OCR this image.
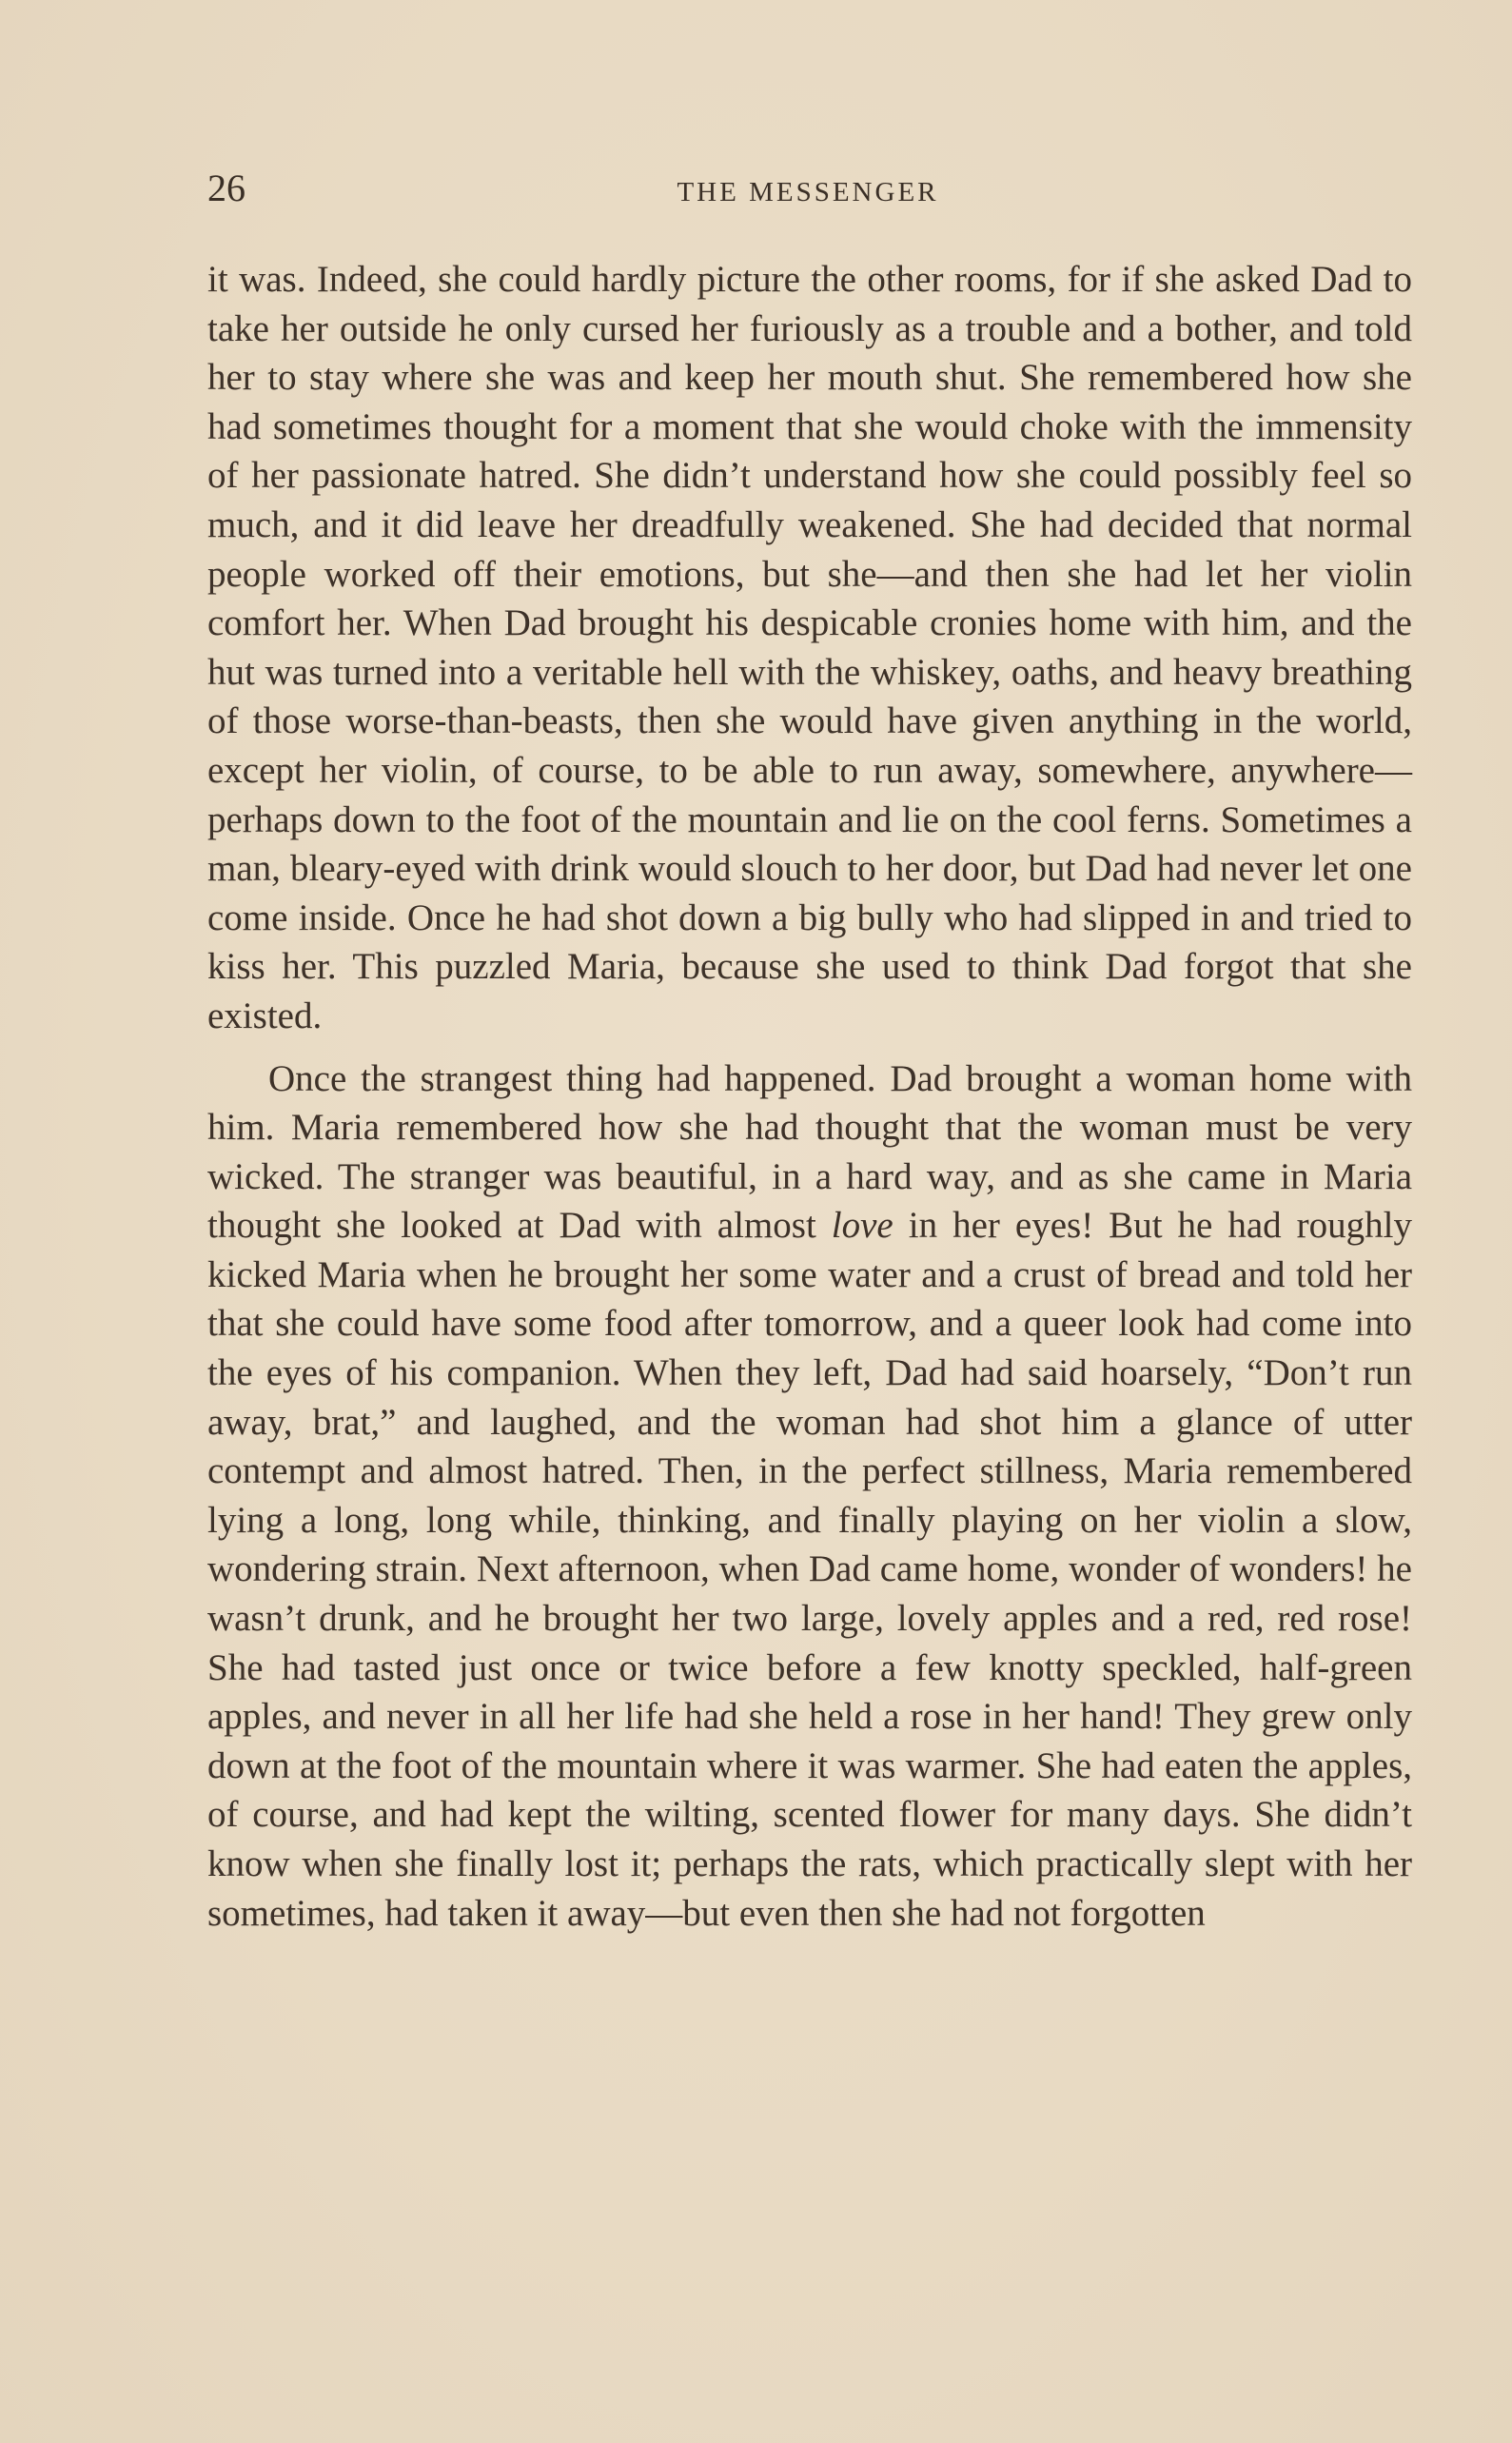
26	THE MESSENGER

it was. Indeed, she could hardly picture the other rooms, for if she asked Dad to take her outside he only cursed her furiously as a trouble and a bother, and told her to stay where she was and keep her mouth shut. She remembered how she had sometimes thought for a moment that she would choke with the immensity of her passionate hatred. She didn’t understand how she could possibly feel so much, and it did leave her dreadfully weakened. She had decided that normal people worked off their emotions, but she—and then she had let her violin comfort her. When Dad brought his despicable cronies home with him, and the hut was turned into a veritable hell with the whiskey, oaths, and heavy breathing of those worse-than-beasts, then she would have given anything in the world, except her violin, of course, to be able to run away, somewhere, anywhere—perhaps down to the foot of the mountain and lie on the cool ferns. Sometimes a man, bleary-eyed with drink would slouch to her door, but Dad had never let one come inside. Once he had shot down a big bully who had slipped in and tried to kiss her. This puzzled Maria, because she used to think Dad forgot that she existed.

Once the strangest thing had happened. Dad brought a woman home with him. Maria remembered how she had thought that the woman must be very wicked. The stranger was beautiful, in a hard way, and as she came in Maria thought she looked at Dad with almost love in her eyes! But he had roughly kicked Maria when he brought her some water and a crust of bread and told her that she could have some food after tomorrow, and a queer look had come into the eyes of his companion. When they left, Dad had said hoarsely, “Don’t run away, brat,” and laughed, and the woman had shot him a glance of utter contempt and almost hatred. Then, in the perfect stillness, Maria remembered lying a long, long while, thinking, and finally playing on her violin a slow, wondering strain. Next afternoon, when Dad came home, wonder of wonders! he wasn’t drunk, and he brought her two large, lovely apples and a red, red rose! She had tasted just once or twice before a few knotty speckled, half-green apples, and never in all her life had she held a rose in her hand! They grew only down at the foot of the mountain where it was warmer. She had eaten the apples, of course, and had kept the wilting, scented flower for many days. She didn’t know when she finally lost it; perhaps the rats, which practically slept with her sometimes, had taken it away—but even then she had not forgotten
